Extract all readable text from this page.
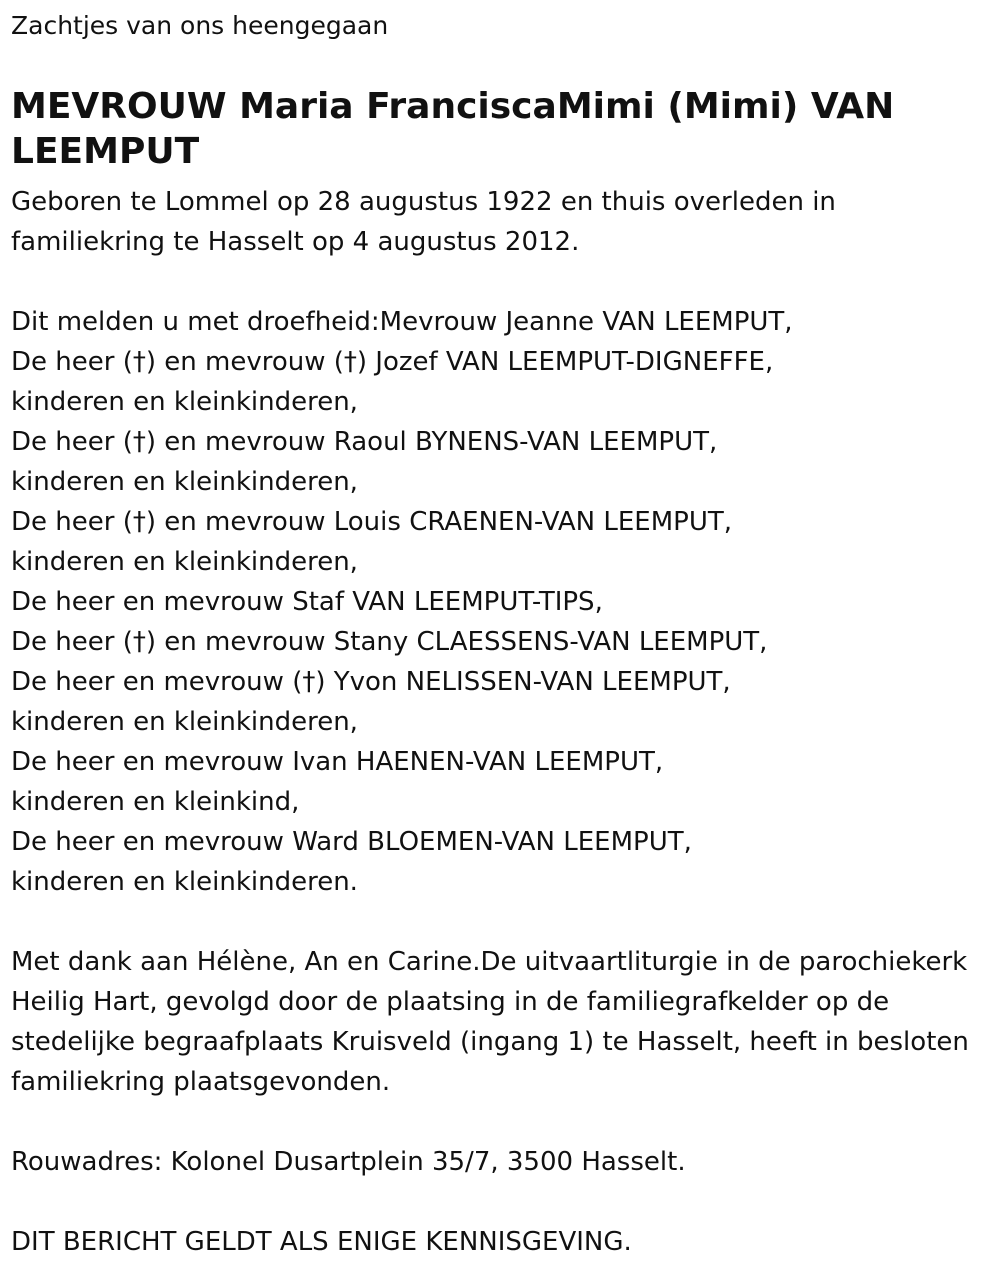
Zachtjes van ons heengegaan
MEVROUW Maria FranciscaMimi (Mimi) VAN LEEMPUT
Geboren te Lommel op 28 augustus 1922 en thuis overleden in
familiekring te Hasselt op 4 augustus 2012.
Dit melden u met droefheid:Mevrouw Jeanne VAN LEEMPUT,
De heer (†) en mevrouw (†) Jozef VAN LEEMPUT-DIGNEFFE,
kinderen en kleinkinderen,
De heer (†) en mevrouw Raoul BYNENS-VAN LEEMPUT,
kinderen en kleinkinderen,
De heer (†) en mevrouw Louis CRAENEN-VAN LEEMPUT,
kinderen en kleinkinderen,
De heer en mevrouw Staf VAN LEEMPUT-TIPS,
De heer (†) en mevrouw Stany CLAESSENS-VAN LEEMPUT,
De heer en mevrouw (†) Yvon NELISSEN-VAN LEEMPUT,
kinderen en kleinkinderen,
De heer en mevrouw Ivan HAENEN-VAN LEEMPUT,
kinderen en kleinkind,
De heer en mevrouw Ward BLOEMEN-VAN LEEMPUT,
kinderen en kleinkinderen.
Met dank aan Hélène, An en Carine.De uitvaartliturgie in de parochiekerk
Heilig Hart, gevolgd door de plaatsing in de familiegrafkelder op de
stedelijke begraafplaats Kruisveld (ingang 1) te Hasselt, heeft in besloten
familiekring plaatsgevonden.
Rouwadres: Kolonel Dusartplein 35/7, 3500 Hasselt.
DIT BERICHT GELDT ALS ENIGE KENNISGEVING.
